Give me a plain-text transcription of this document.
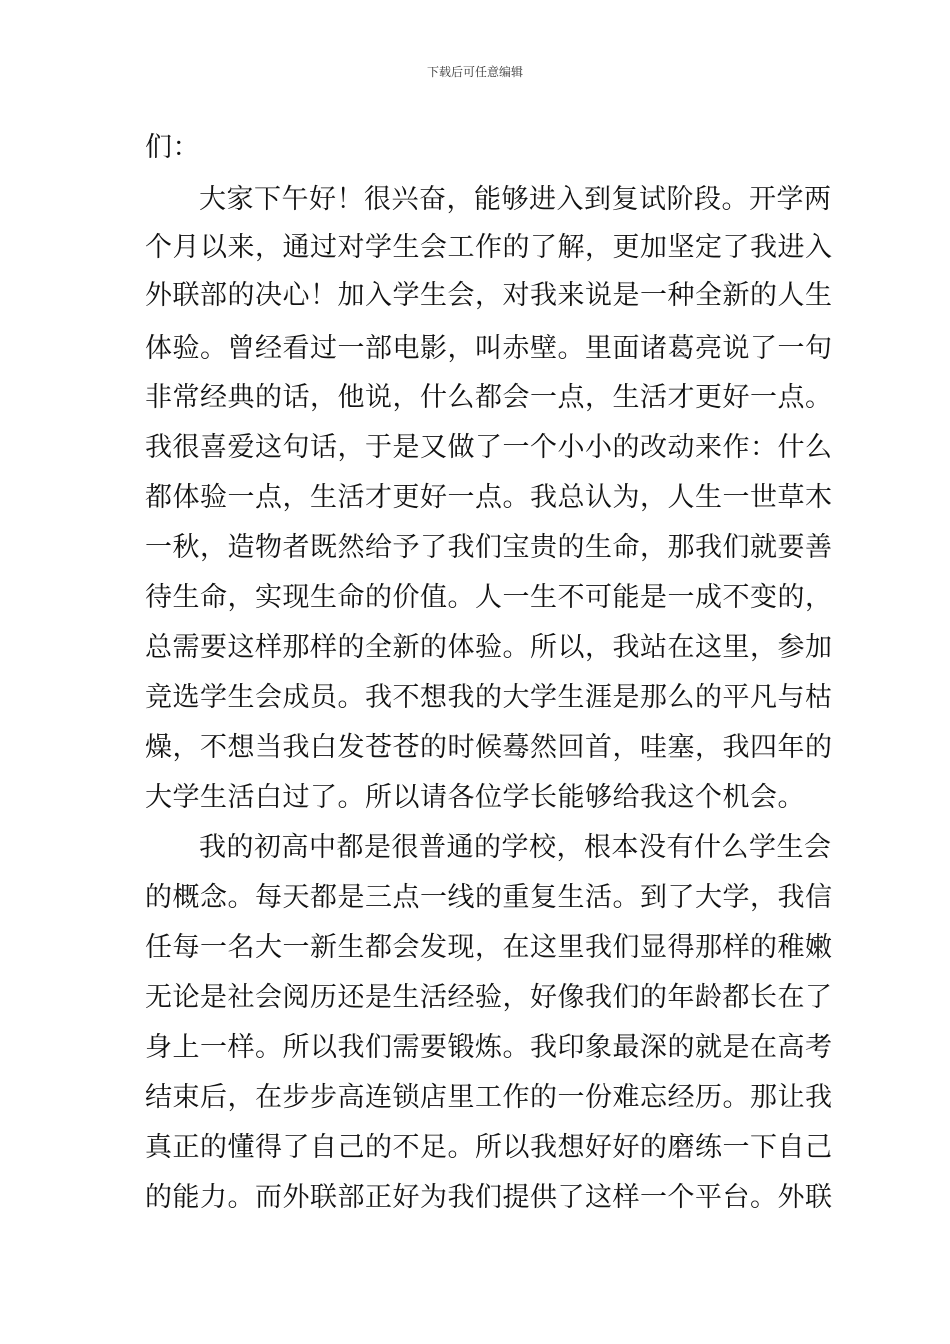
下载后可任意编辑
们：
大家下午好！很兴奋，能够进入到复试阶段。开学两
个月以来，通过对学生会工作的了解，更加坚定了我进入
外联部的决心！加入学生会，对我来说是一种全新的人生
体验。曾经看过一部电影，叫赤壁。里面诸葛亮说了一句
非常经典的话，他说，什么都会一点，生活才更好一点。
我很喜爱这句话，于是又做了一个小小的改动来作：什么
都体验一点，生活才更好一点。我总认为，人生一世草木
一秋，造物者既然给予了我们宝贵的生命，那我们就要善
待生命，实现生命的价值。人一生不可能是一成不变的，
总需要这样那样的全新的体验。所以，我站在这里，参加
竞选学生会成员。我不想我的大学生涯是那么的平凡与枯
燥，不想当我白发苍苍的时候蓦然回首，哇塞，我四年的
大学生活白过了。所以请各位学长能够给我这个机会。
我的初高中都是很普通的学校，根本没有什么学生会
的概念。每天都是三点一线的重复生活。到了大学，我信
任每一名大一新生都会发现，在这里我们显得那样的稚嫩
无论是社会阅历还是生活经验，好像我们的年龄都长在了
身上一样。所以我们需要锻炼。我印象最深的就是在高考
结束后，在步步高连锁店里工作的一份难忘经历。那让我
真正的懂得了自己的不足。所以我想好好的磨练一下自己
的能力。而外联部正好为我们提供了这样一个平台。外联
